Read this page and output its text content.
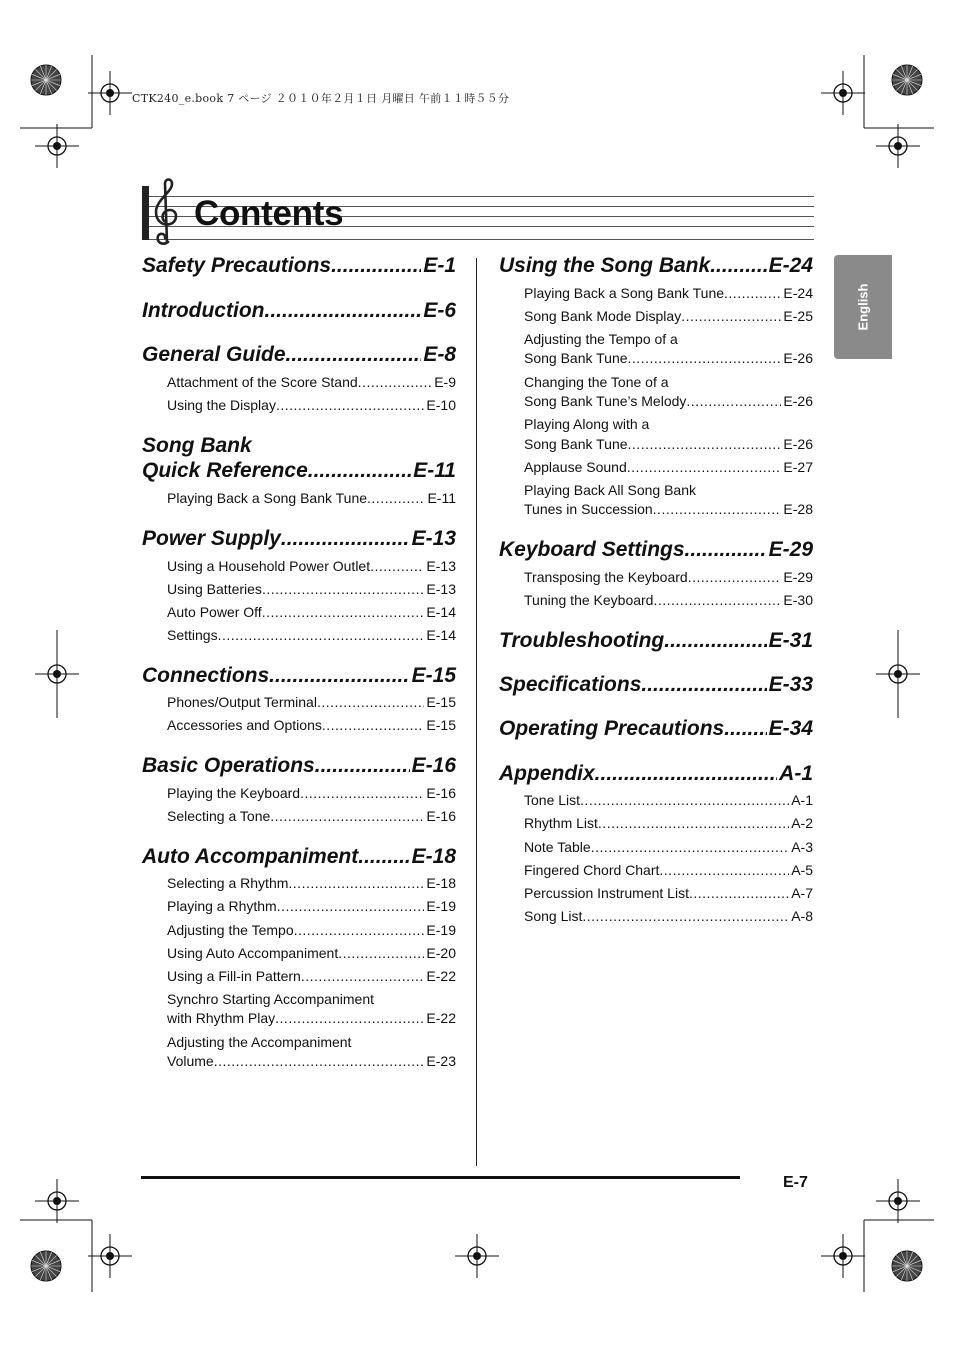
CTK240_e.book 7 ページ ２０１０年２月１日 月曜日 午前１１時５５分
Contents
English
Safety Precautions .....	E-1
Introduction .....	E-6
General Guide .....	E-8
Attachment of the Score Stand .....	E-9
Using the Display .....	E-10
Song Bank
Quick Reference .....	E-11
Playing Back a Song Bank Tune .....	E-11
Power Supply .....	E-13
Using a Household Power Outlet .....	E-13
Using Batteries .....	E-13
Auto Power Off .....	E-14
Settings .....	E-14
Connections .....	E-15
Phones/Output Terminal .....	E-15
Accessories and Options .....	E-15
Basic Operations .....	E-16
Playing the Keyboard .....	E-16
Selecting a Tone .....	E-16
Auto Accompaniment .....	E-18
Selecting a Rhythm .....	E-18
Playing a Rhythm .....	E-19
Adjusting the Tempo .....	E-19
Using Auto Accompaniment .....	E-20
Using a Fill-in Pattern .....	E-22
Synchro Starting Accompaniment
with Rhythm Play .....	E-22
Adjusting the Accompaniment
Volume .....	E-23
Using the Song Bank .....	E-24
Playing Back a Song Bank Tune .....	E-24
Song Bank Mode Display .....	E-25
Adjusting the Tempo of a
Song Bank Tune .....	E-26
Changing the Tone of a
Song Bank Tune’s Melody .....	E-26
Playing Along with a
Song Bank Tune .....	E-26
Applause Sound .....	E-27
Playing Back All Song Bank
Tunes in Succession .....	E-28
Keyboard Settings .....	E-29
Transposing the Keyboard .....	E-29
Tuning the Keyboard .....	E-30
Troubleshooting .....	E-31
Specifications .....	E-33
Operating Precautions ..... E-34
Appendix .....	A-1
Tone List .....	A-1
Rhythm List .....	A-2
Note Table .....	A-3
Fingered Chord Chart .....	A-5
Percussion Instrument List .....	A-7
Song List .....	A-8
E-7
